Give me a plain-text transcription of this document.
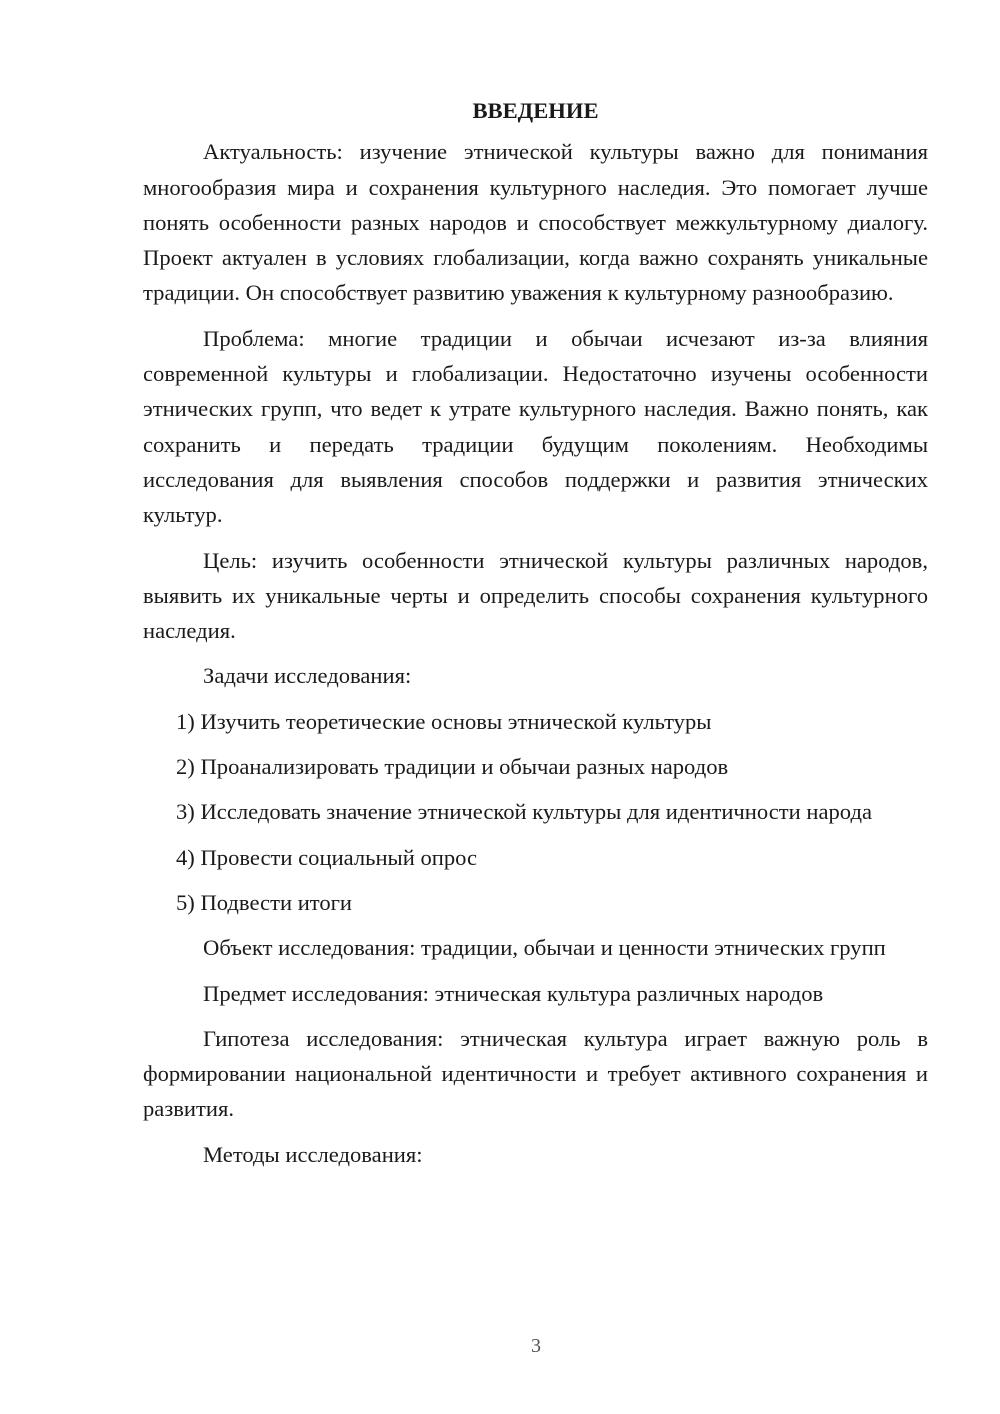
ВВЕДЕНИЕ

Актуальность: изучение этнической культуры важно для понимания многообразия мира и сохранения культурного наследия. Это помогает лучше понять особенности разных народов и способствует межкультурному диалогу. Проект актуален в условиях глобализации, когда важно сохранять уникальные традиции. Он способствует развитию уважения к культурному разнообразию.

Проблема: многие традиции и обычаи исчезают из-за влияния современной культуры и глобализации. Недостаточно изучены особенности этнических групп, что ведет к утрате культурного наследия. Важно понять, как сохранить и передать традиции будущим поколениям. Необходимы исследования для выявления способов поддержки и развития этнических культур.

Цель: изучить особенности этнической культуры различных народов, выявить их уникальные черты и определить способы сохранения культурного наследия.

Задачи исследования:

1) Изучить теоретические основы этнической культуры

2) Проанализировать традиции и обычаи разных народов

3) Исследовать значение этнической культуры для идентичности народа

4) Провести социальный опрос

5) Подвести итоги

Объект исследования: традиции, обычаи и ценности этнических групп

Предмет исследования: этническая культура различных народов

Гипотеза исследования: этническая культура играет важную роль в формировании национальной идентичности и требует активного сохранения и развития.

Методы исследования:

3
